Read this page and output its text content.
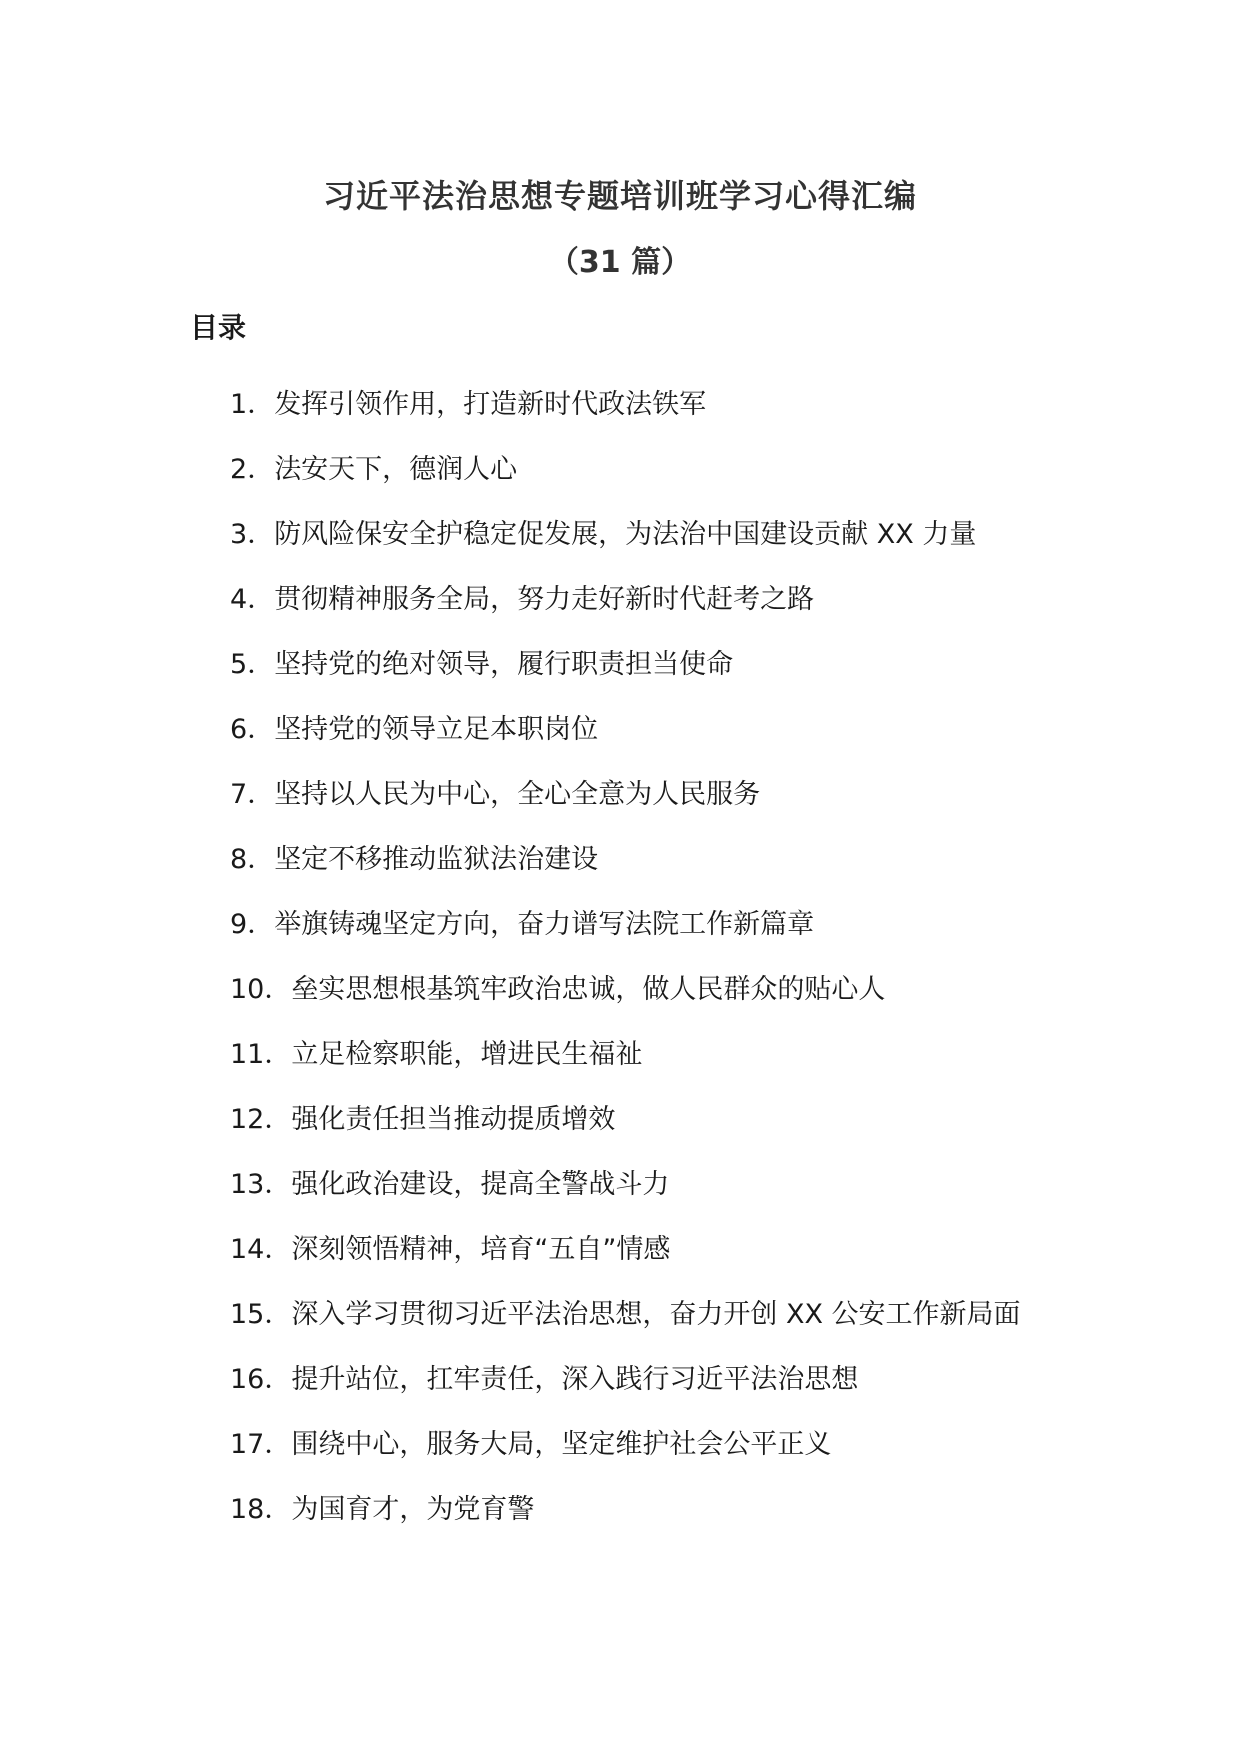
习近平法治思想专题培训班学习心得汇编
（31 篇）
目录
1．发挥引领作用，打造新时代政法铁军
2．法安天下，德润人心
3．防风险保安全护稳定促发展，为法治中国建设贡献 XX 力量
4．贯彻精神服务全局，努力走好新时代赶考之路
5．坚持党的绝对领导，履行职责担当使命
6．坚持党的领导立足本职岗位
7．坚持以人民为中心，全心全意为人民服务
8．坚定不移推动监狱法治建设
9．举旗铸魂坚定方向，奋力谱写法院工作新篇章
10．垒实思想根基筑牢政治忠诚，做人民群众的贴心人
11．立足检察职能，增进民生福祉
12．强化责任担当推动提质增效
13．强化政治建设，提高全警战斗力
14．深刻领悟精神，培育“五自”情感
15．深入学习贯彻习近平法治思想，奋力开创 XX 公安工作新局面
16．提升站位，扛牢责任，深入践行习近平法治思想
17．围绕中心，服务大局，坚定维护社会公平正义
18．为国育才，为党育警
